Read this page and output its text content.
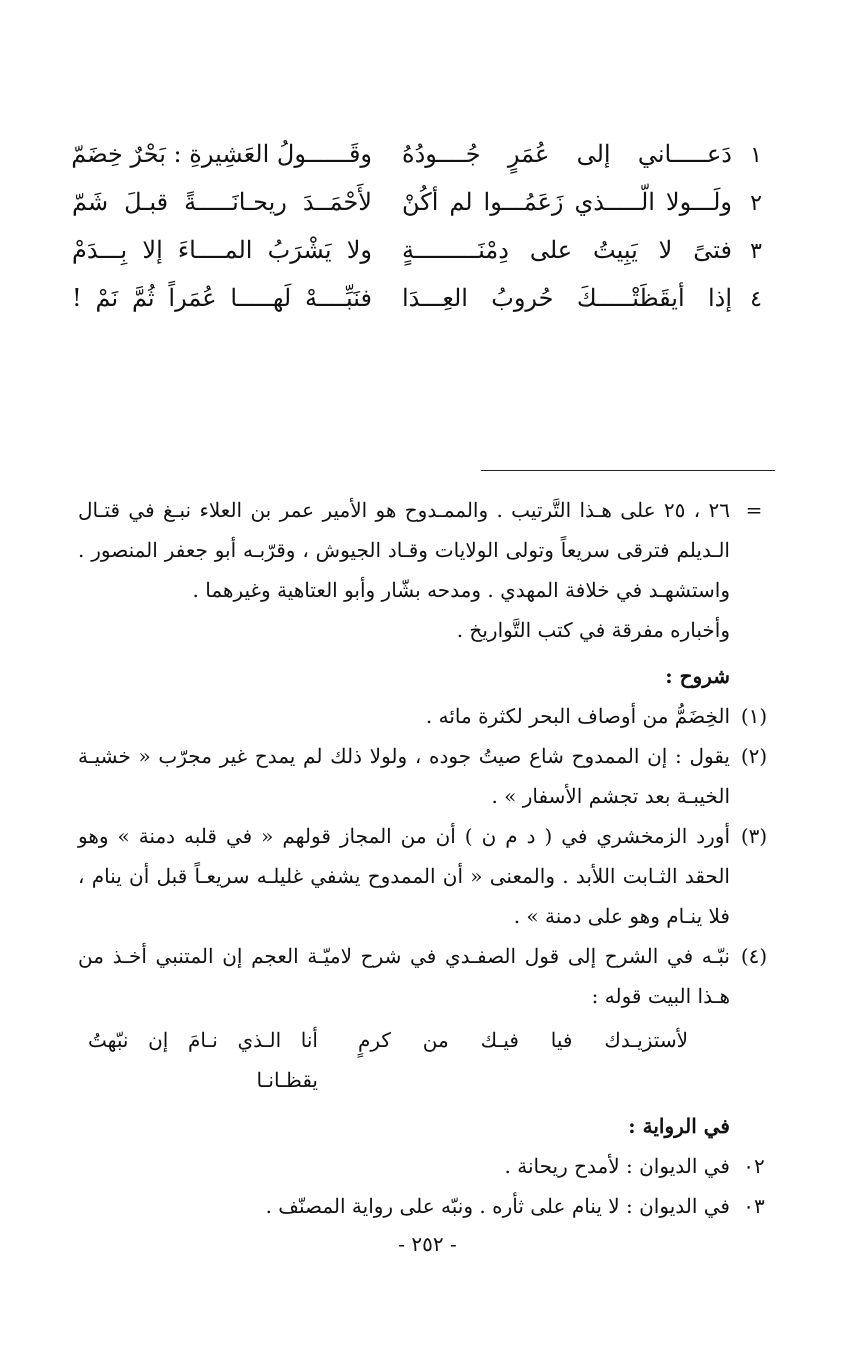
١
دَعـــــاني إلى عُمَرٍ جُــــودُهُ
وقَــــــولُ العَشِيرةِ : بَحْرٌ خِضَمّ
٢
ولَـــولا الّـــــذي زَعَمُـــوا لم أكُنْ
لأَحْمَــدَ ريحـانَـــــةً قبـلَ شَمّ
٣
فتىً لا يَبِيتُ على دِمْنَـــــــــةٍ
ولا يَشْرَبُ المــــاءَ إلا بِـــدَمْ
٤
إذا أيقَظَتْـــــكَ حُروبُ العِـــدَا
فنَبِّــــهْ لَهـــــا عُمَراً ثُمَّ نَمْ !
=
٢٦ ، ٢٥ على هـذا التَّرتيب . والممـدوح هو الأمير عمر بن العلاء نبـغ في قتـال الـديلم فترقى سريعاً وتولى الولايات وقـاد الجيوش ، وقرّبـه أبو جعفر المنصور . واستشهـد في خلافة المهدي . ومدحه بشّار وأبو العتاهية وغيرهما .
وأخباره مفرقة في كتب التَّواريخ .
شروح :
(١)
الخِضَمُّ من أوصاف البحر لكثرة مائه .
(٢)
يقول : إن الممدوح شاع صيتُ جوده ، ولولا ذلك لم يمدح غير مجرّب « خشيـة الخيبـة بعد تجشم الأسفار » .
(٣)
أورد الزمخشري في ( د م ن ) أن من المجاز قولهم « في قلبه دمنة » وهو الحقد الثـابت اللأبد . والمعنى « أن الممدوح يشفي غليلـه سريعـاً قبل أن ينام ، فلا ينـام وهو على دمنة » .
(٤)
نبّـه في الشرح إلى قول الصفـدي في شرح لاميّـة العجم إن المتنبي أخـذ من هـذا البيت قوله :
لأستزيـدك فيا فيـك من كرمٍ
أنا الـذي نـامَ إن نبّهتُ يقظـانـا
في الرواية :
٠٢
في الديوان : لأمدح ريحانة .
٠٣
في الديوان : لا ينام على ثأره . ونبّه على رواية المصنّف .
- ٢٥٢ -
